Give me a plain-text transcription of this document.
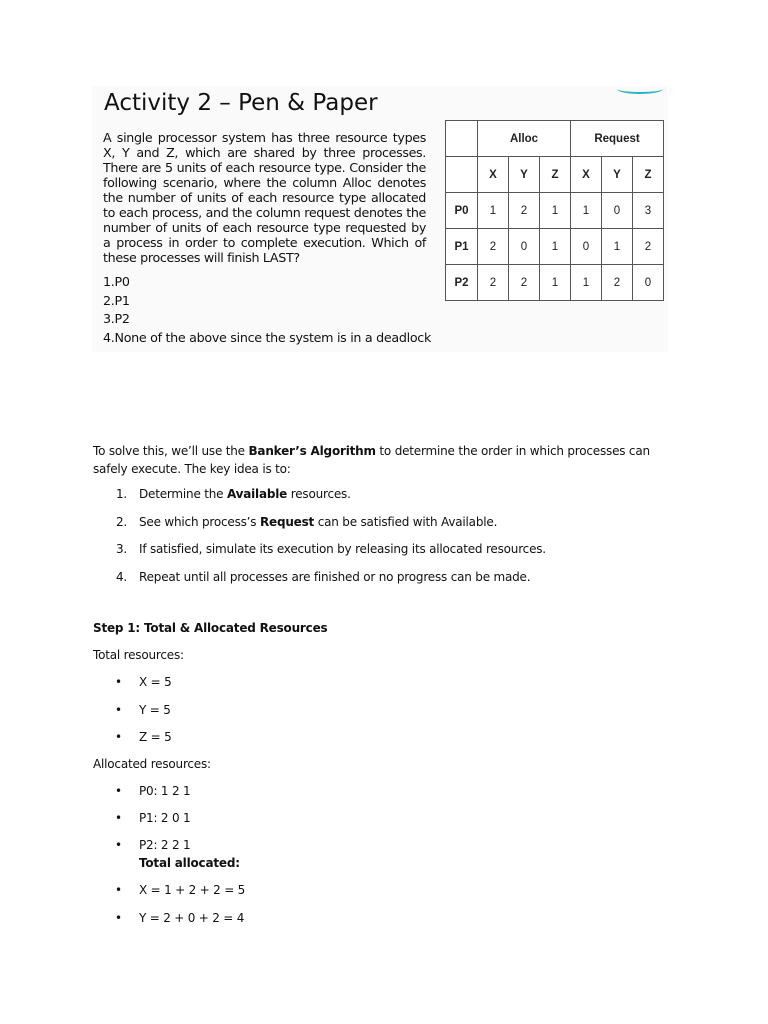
Activity 2 – Pen & Paper
A single processor system has three resource types X, Y and Z, which are shared by three processes. There are 5 units of each resource type. Consider the following scenario, where the column Alloc denotes the number of units of each resource type allocated to each process, and the column request denotes the number of units of each resource type requested by a process in order to complete execution. Which of these processes will finish LAST?
1.P0
2.P1
3.P2
4.None of the above since the system is in a deadlock
	Alloc			Request		
	X	Y	Z	X	Y	Z
P0	1	2	1	1	0	3
P1	2	0	1	0	1	2
P2	2	2	1	1	2	0

To solve this, we’ll use the Banker’s Algorithm to determine the order in which processes can safely execute. The key idea is to:

1. Determine the Available resources.
2. See which process’s Request can be satisfied with Available.
3. If satisfied, simulate its execution by releasing its allocated resources.
4. Repeat until all processes are finished or no progress can be made.

Step 1: Total & Allocated Resources

Total resources:

•	X = 5
•	Y = 5
•	Z = 5

Allocated resources:

•	P0: 1 2 1
•	P1: 2 0 1
•	P2: 2 2 1
Total allocated:
•	X = 1 + 2 + 2 = 5
•	Y = 2 + 0 + 2 = 4
